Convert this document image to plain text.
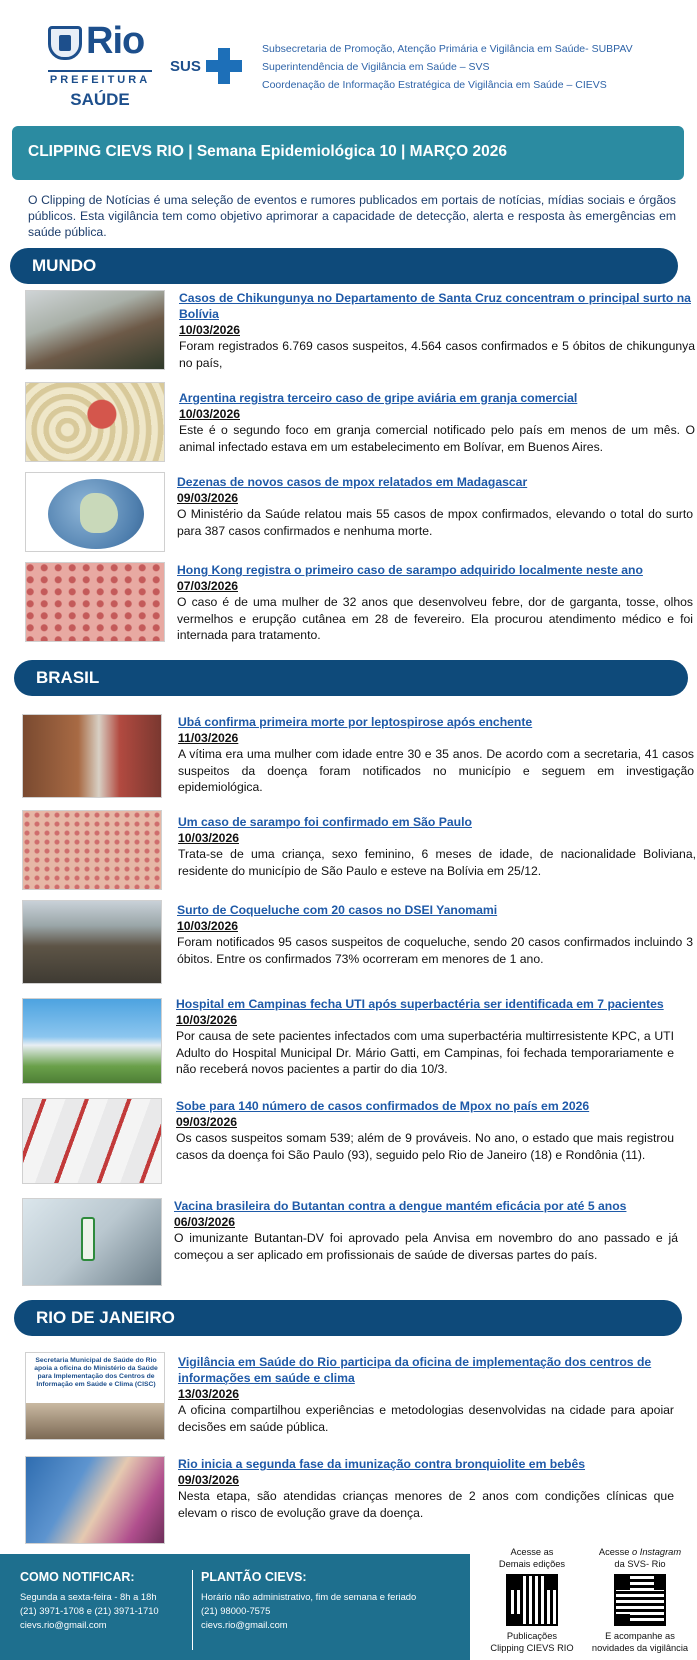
Rio
PREFEITURA
SAÚDE
SUS
Subsecretaria de Promoção, Atenção Primária e Vigilância em Saúde- SUBPAV
Superintendência de Vigilância em Saúde – SVS
Coordenação de Informação Estratégica de Vigilância em Saúde – CIEVS
CLIPPING CIEVS RIO | Semana Epidemiológica 10 | MARÇO 2026

O Clipping de Notícias é uma seleção de eventos e rumores publicados em portais de notícias, mídias sociais e órgãos públicos. Esta vigilância tem como objetivo aprimorar a capacidade de detecção, alerta e resposta às emergências em saúde pública.

MUNDO
Casos de Chikungunya no Departamento de Santa Cruz concentram o principal surto na Bolívia
10/03/2026
Foram registrados 6.769 casos suspeitos, 4.564 casos confirmados e 5 óbitos de chikungunya no país,
Argentina registra terceiro caso de gripe aviária em granja comercial
10/03/2026
Este é o segundo foco em granja comercial notificado pelo país em menos de um mês. O animal infectado estava em um estabelecimento em Bolívar, em Buenos Aires.
Dezenas de novos casos de mpox relatados em Madagascar
09/03/2026
O Ministério da Saúde relatou mais 55 casos de mpox confirmados, elevando o total do surto para 387 casos confirmados e nenhuma morte.
Hong Kong registra o primeiro caso de sarampo adquirido localmente neste ano
07/03/2026
O caso é de uma mulher de 32 anos que desenvolveu febre, dor de garganta, tosse, olhos vermelhos e erupção cutânea em 28 de fevereiro. Ela procurou atendimento médico e foi internada para tratamento.
BRASIL
Ubá confirma primeira morte por leptospirose após enchente
11/03/2026
A vítima era uma mulher com idade entre 30 e 35 anos. De acordo com a secretaria, 41 casos suspeitos da doença foram notificados no município e seguem em investigação epidemiológica.
Um caso de sarampo foi confirmado em São Paulo
10/03/2026
Trata-se de uma criança, sexo feminino, 6 meses de idade, de nacionalidade Boliviana, residente do município de São Paulo e esteve na Bolívia em 25/12.
Surto de Coqueluche com 20 casos no DSEI Yanomami
10/03/2026
Foram notificados 95 casos suspeitos de coqueluche, sendo 20 casos confirmados incluindo 3 óbitos. Entre os confirmados 73% ocorreram em menores de 1 ano.
Hospital em Campinas fecha UTI após superbactéria ser identificada em 7 pacientes
10/03/2026
Por causa de sete pacientes infectados com uma superbactéria multirresistente KPC, a UTI Adulto do Hospital Municipal Dr. Mário Gatti, em Campinas, foi fechada temporariamente e não receberá novos pacientes a partir do dia 10/3.
Sobe para 140 número de casos confirmados de Mpox no país em 2026
09/03/2026
Os casos suspeitos somam 539; além de 9 prováveis. No ano, o estado que mais registrou casos da doença foi São Paulo (93), seguido pelo Rio de Janeiro (18) e Rondônia (11).
Vacina brasileira do Butantan contra a dengue mantém eficácia por até 5 anos
06/03/2026
O imunizante Butantan-DV foi aprovado pela Anvisa em novembro do ano passado e já começou a ser aplicado em profissionais de saúde de diversas partes do país.
RIO DE JANEIRO
Secretaria Municipal de Saúde do Rio apoia a oficina do Ministério da Saúde para Implementação dos Centros de Informação em Saúde e Clima (CISC)
Vigilância em Saúde do Rio participa da oficina de implementação dos centros de informações em saúde e clima
13/03/2026
A oficina compartilhou experiências e metodologias desenvolvidas na cidade para apoiar decisões em saúde pública.
Rio inicia a segunda fase da imunização contra bronquiolite em bebês
09/03/2026
Nesta etapa, são atendidas crianças menores de 2 anos com condições clínicas que elevam o risco de evolução grave da doença.
COMO NOTIFICAR:
Segunda a sexta-feira - 8h a 18h
(21) 3971-1708 e (21) 3971-1710
cievs.rio@gmail.com
PLANTÃO CIEVS:
Horário não administrativo, fim de semana e feriado
(21) 98000-7575
cievs.rio@gmail.com
Acesse as
Demais edições
Publicações
Clipping CIEVS RIO
Acesse o Instagram
da SVS- Rio
E acompanhe as
novidades da vigilância
